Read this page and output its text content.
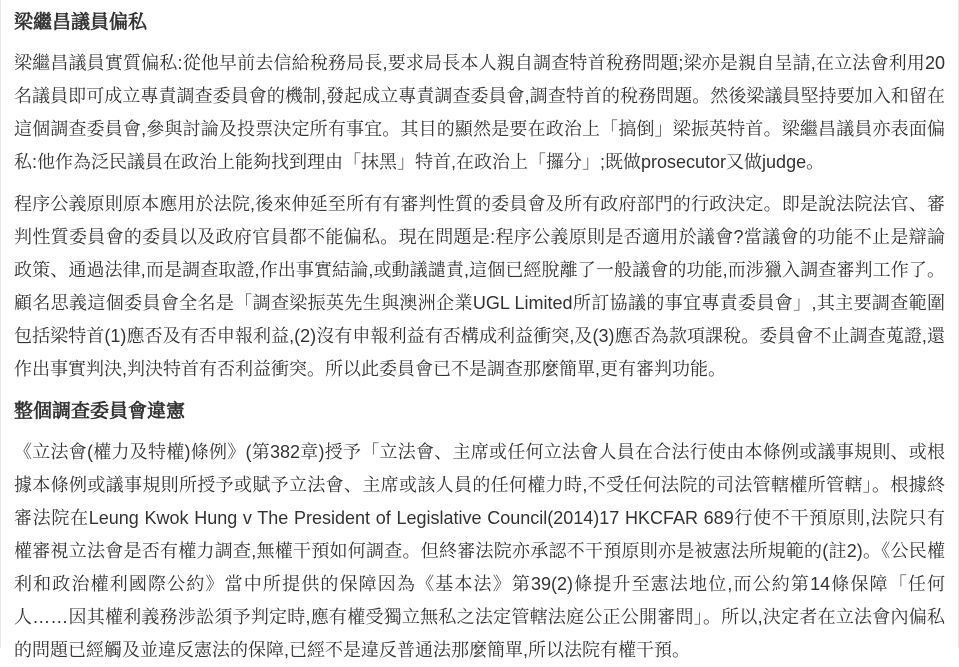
梁繼昌議員偏私

梁繼昌議員實質偏私:從他早前去信給稅務局長,要求局長本人親自調查特首稅務問題;梁亦是親自呈請,在立法會利用20名議員即可成立專責調查委員會的機制,發起成立專責調查委員會,調查特首的稅務問題。然後梁議員堅持要加入和留在這個調查委員會,參與討論及投票決定所有事宜。其目的顯然是要在政治上「搞倒」梁振英特首。梁繼昌議員亦表面偏私:他作為泛民議員在政治上能夠找到理由「抹黑」特首,在政治上「攞分」;既做prosecutor又做judge。

程序公義原則原本應用於法院,後來伸延至所有有審判性質的委員會及所有政府部門的行政決定。即是說法院法官、審判性質委員會的委員以及政府官員都不能偏私。現在問題是:程序公義原則是否適用於議會?當議會的功能不止是辯論政策、通過法律,而是調查取證,作出事實結論,或動議譴責,這個已經脫離了一般議會的功能,而涉獵入調查審判工作了。顧名思義這個委員會全名是「調查梁振英先生與澳洲企業UGL Limited所訂協議的事宜專責委員會」,其主要調查範圍包括梁特首(1)應否及有否申報利益,(2)沒有申報利益有否構成利益衝突,及(3)應否為款項課稅。委員會不止調查蒐證,還作出事實判決,判決特首有否利益衝突。所以此委員會已不是調查那麼簡單,更有審判功能。

整個調查委員會違憲

《立法會(權力及特權)條例》(第382章)授予「立法會、主席或任何立法會人員在合法行使由本條例或議事規則、或根據本條例或議事規則所授予或賦予立法會、主席或該人員的任何權力時,不受任何法院的司法管轄權所管轄」。根據終審法院在Leung Kwok Hung v The President of Legislative Council(2014)17 HKCFAR 689行使不干預原則,法院只有權審視立法會是否有權力調查,無權干預如何調查。但終審法院亦承認不干預原則亦是被憲法所規範的(註2)。《公民權利和政治權利國際公約》當中所提供的保障因為《基本法》第39(2)條提升至憲法地位,而公約第14條保障「任何人……因其權利義務涉訟須予判定時,應有權受獨立無私之法定管轄法庭公正公開審問」。所以,決定者在立法會內偏私的問題已經觸及並違反憲法的保障,已經不是違反普通法那麼簡單,所以法院有權干預。
